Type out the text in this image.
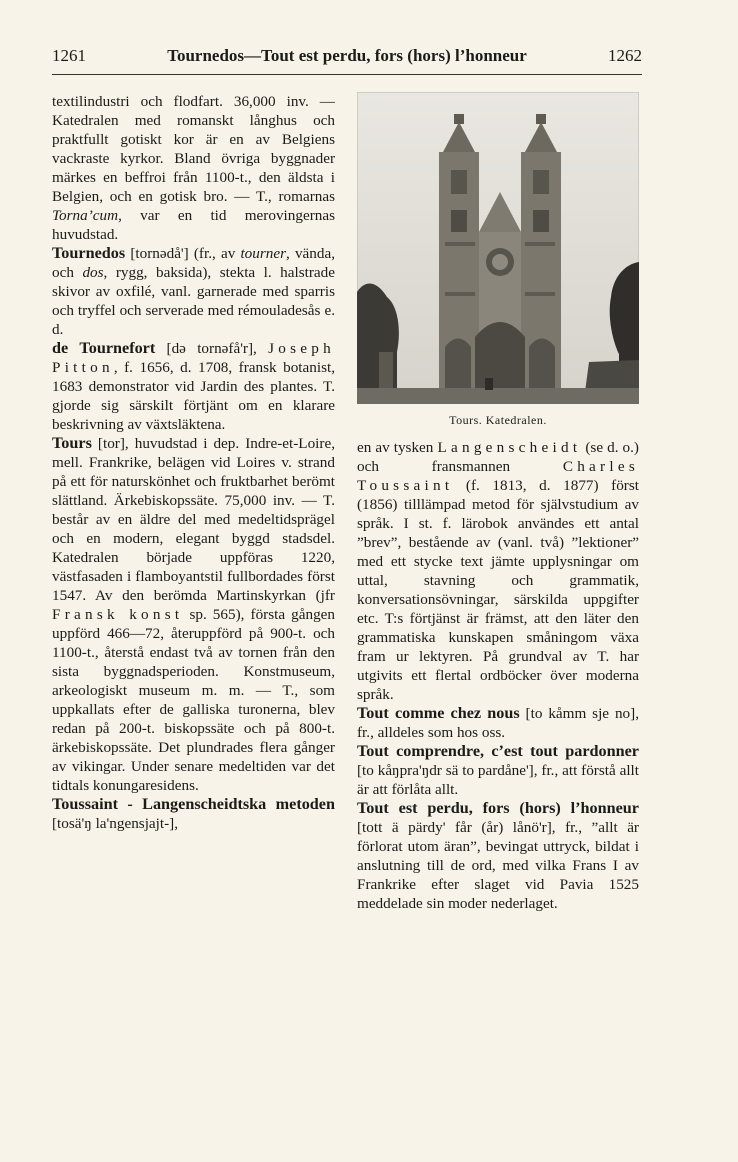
1261	Tournedos—Tout est perdu, fors (hors) l’honneur	1262

textilindustri och flodfart. 36,000 inv. — Katedralen med romanskt långhus och praktfullt gotiskt kor är en av Belgiens vackraste kyrkor. Bland övriga byggnader märkes en beffroi från 1100-t., den äldsta i Belgien, och en gotisk bro. — T., romarnas Torna’cum, var en tid merovingernas huvudstad.

Tournedos [tornədå'] (fr., av tourner, vända, och dos, rygg, baksida), stekta l. halstrade skivor av oxfilé, vanl. garnerade med sparris och tryffel och serverade med rémouladesås e. d.

de Tournefort [də tornəfå'r], Joseph Pitton, f. 1656, d. 1708, fransk botanist, 1683 demonstrator vid Jardin des plantes. T. gjorde sig särskilt förtjänt om en klarare beskrivning av växtsläktena.

Tours [tor], huvudstad i dep. Indre-et-Loire, mell. Frankrike, belägen vid Loires v. strand på ett för naturskönhet och fruktbarhet berömt slättland. Ärkebiskopssäte. 75,000 inv. — T. består av en äldre del med medeltidsprägel och en modern, elegant byggd stadsdel. Katedralen började uppföras 1220, västfasaden i flamboyantstil fullbordades först 1547. Av den berömda Martinskyrkan (jfr Fransk konst sp. 565), första gången uppförd 466—72, återuppförd på 900-t. och 1100-t., återstå endast två av tornen från den sista byggnadsperioden. Konstmuseum, arkeologiskt museum m. m. — T., som uppkallats efter de galliska turonerna, blev redan på 200-t. biskopssäte och på 800-t. ärkebiskopssäte. Det plundrades flera gånger av vikingar. Under senare medeltiden var det tidtals konungaresidens.

Toussaint - Langenscheidtska metoden [tosä'ŋ la'ngensjajt-],

Tours. Katedralen.

en av tysken Langenscheidt (se d. o.) och fransmannen Charles Toussaint (f. 1813, d. 1877) först (1856) tilllämpad metod för självstudium av språk. I st. f. lärobok användes ett antal ”brev”, bestående av (vanl. två) ”lektioner” med ett stycke text jämte upplysningar om uttal, stavning och grammatik, konversationsövningar, särskilda uppgifter etc. T:s förtjänst är främst, att den läter den grammatiska kunskapen småningom växa fram ur lektyren. På grundval av T. har utgivits ett flertal ordböcker över moderna språk.

Tout comme chez nous [to kåmm sje no], fr., alldeles som hos oss.

Tout comprendre, c’est tout pardonner [to kåŋpra'ŋdr sä to pardåne'], fr., att förstå allt är att förlåta allt.

Tout est perdu, fors (hors) l’honneur [tott ä pärdy' får (år) lånö'r], fr., ”allt är förlorat utom äran”, bevingat uttryck, bildat i anslutning till de ord, med vilka Frans I av Frankrike efter slaget vid Pavia 1525 meddelade sin moder nederlaget.
